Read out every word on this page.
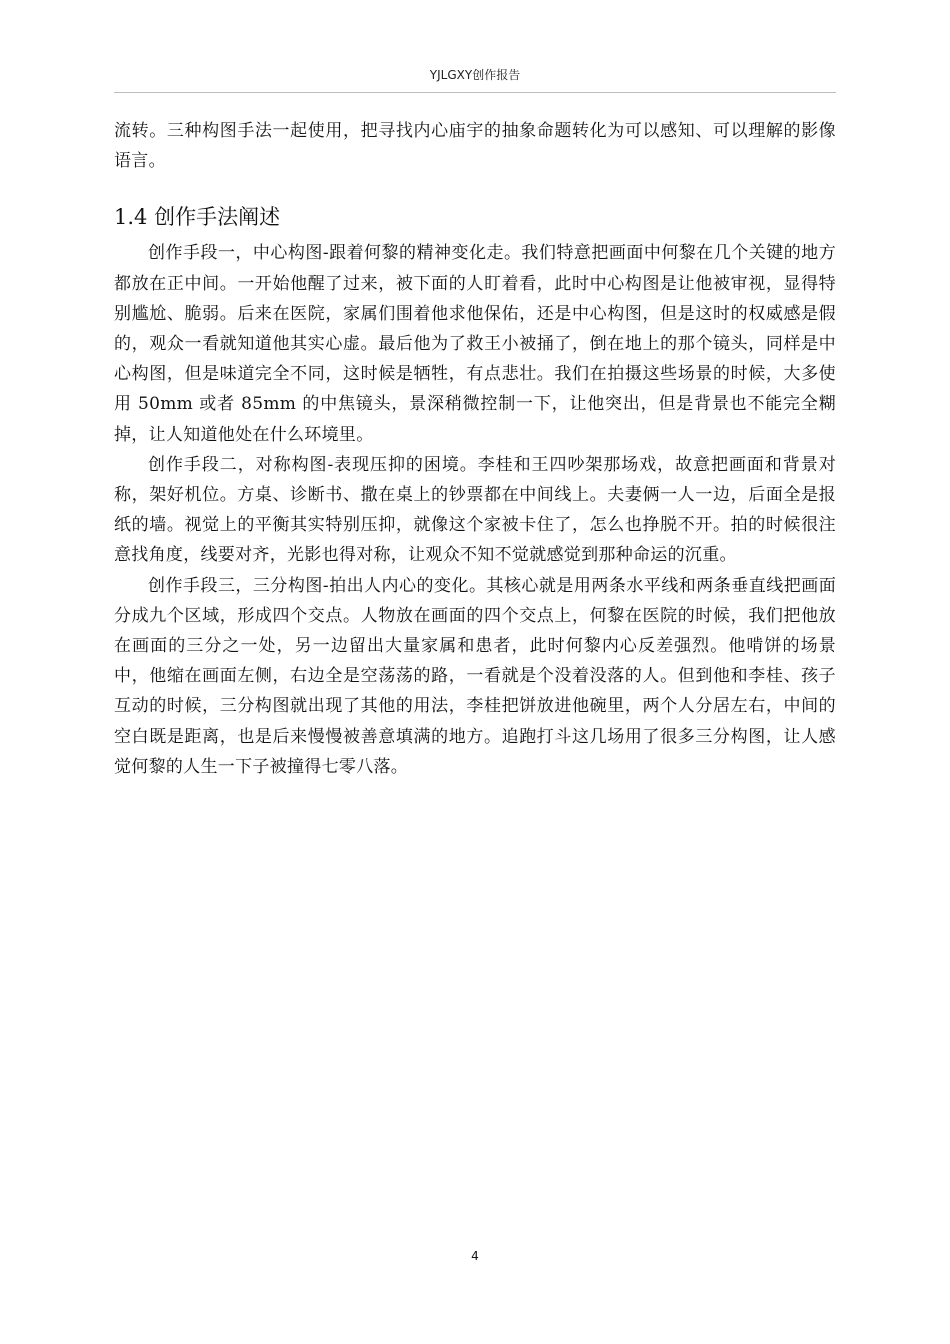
YJLGXY创作报告

流转。三种构图手法一起使用，把寻找内心庙宇的抽象命题转化为可以感知、可以理解的影像语言。

1.4 创作手法阐述

创作手段一，中心构图-跟着何黎的精神变化走。我们特意把画面中何黎在几个关键的地方都放在正中间。一开始他醒了过来，被下面的人盯着看，此时中心构图是让他被审视，显得特别尴尬、脆弱。后来在医院，家属们围着他求他保佑，还是中心构图，但是这时的权威感是假的，观众一看就知道他其实心虚。最后他为了救王小被捅了，倒在地上的那个镜头，同样是中心构图，但是味道完全不同，这时候是牺牲，有点悲壮。我们在拍摄这些场景的时候，大多使用 50mm 或者 85mm 的中焦镜头，景深稍微控制一下，让他突出，但是背景也不能完全糊掉，让人知道他处在什么环境里。

创作手段二，对称构图-表现压抑的困境。李桂和王四吵架那场戏，故意把画面和背景对称，架好机位。方桌、诊断书、撒在桌上的钞票都在中间线上。夫妻俩一人一边，后面全是报纸的墙。视觉上的平衡其实特别压抑，就像这个家被卡住了，怎么也挣脱不开。拍的时候很注意找角度，线要对齐，光影也得对称，让观众不知不觉就感觉到那种命运的沉重。

创作手段三，三分构图-拍出人内心的变化。其核心就是用两条水平线和两条垂直线把画面分成九个区域，形成四个交点。人物放在画面的四个交点上，何黎在医院的时候，我们把他放在画面的三分之一处，另一边留出大量家属和患者，此时何黎内心反差强烈。他啃饼的场景中，他缩在画面左侧，右边全是空荡荡的路，一看就是个没着没落的人。但到他和李桂、孩子互动的时候，三分构图就出现了其他的用法，李桂把饼放进他碗里，两个人分居左右，中间的空白既是距离，也是后来慢慢被善意填满的地方。追跑打斗这几场用了很多三分构图，让人感觉何黎的人生一下子被撞得七零八落。

4
